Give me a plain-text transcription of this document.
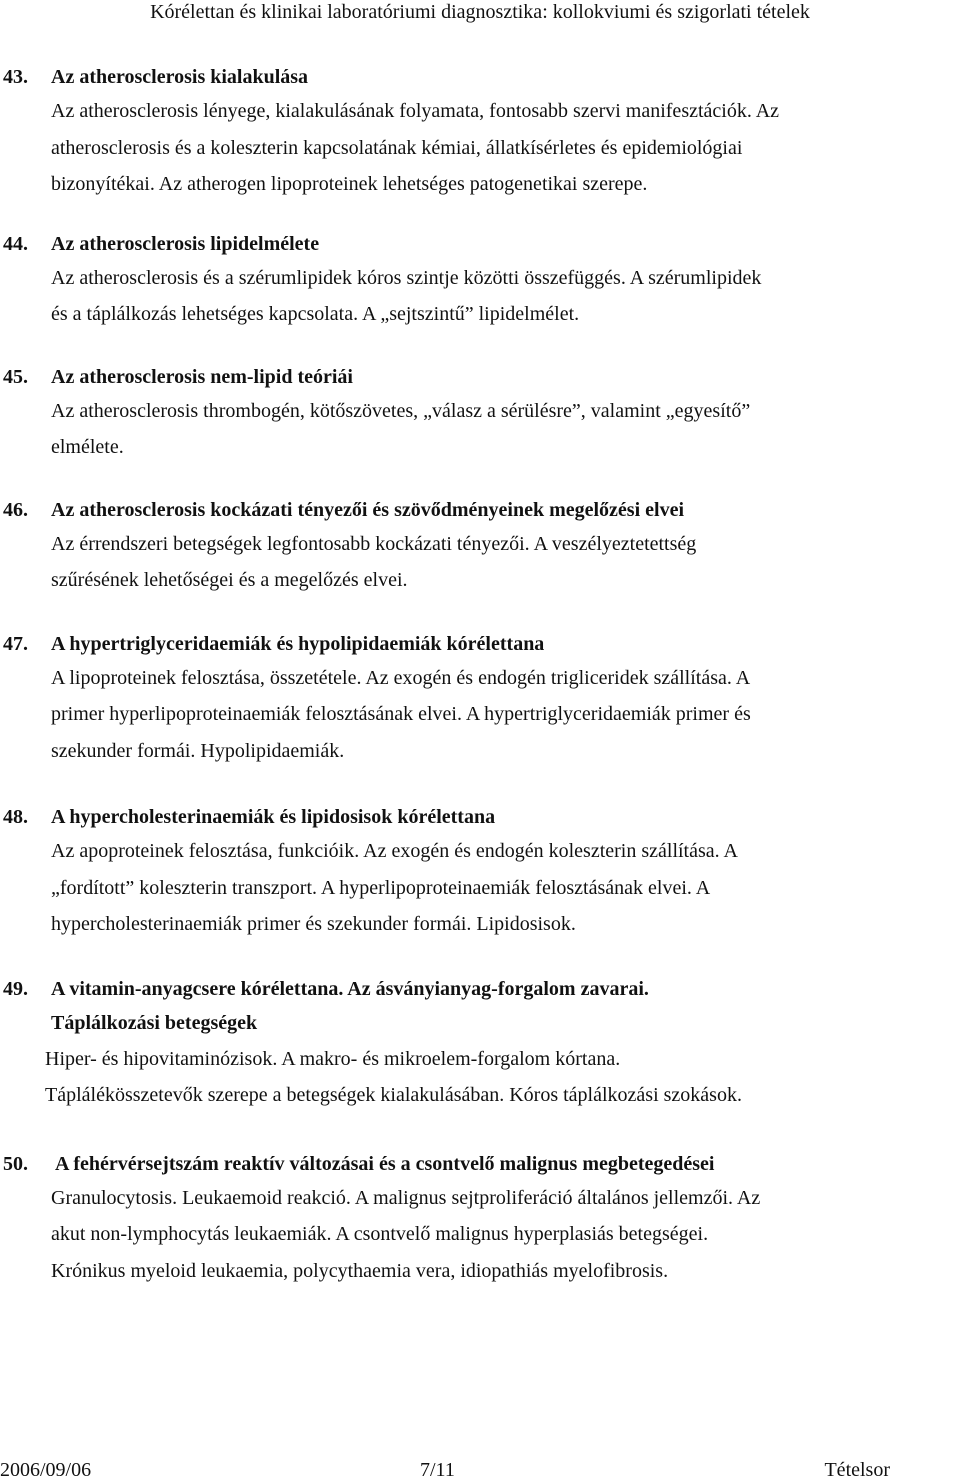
Kórélettan és klinikai laboratóriumi diagnosztika: kollokviumi és szigorlati tételek
43. Az atherosclerosis kialakulása
Az atherosclerosis lényege, kialakulásának folyamata, fontosabb szervi manifesztációk. Az
atherosclerosis és a koleszterin kapcsolatának kémiai, állatkísérletes és epidemiológiai
bizonyítékai. Az atherogen lipoproteinek lehetséges patogenetikai szerepe.
44. Az atherosclerosis lipidelmélete
Az atherosclerosis és a szérumlipidek kóros szintje közötti összefüggés. A szérumlipidek
és a táplálkozás lehetséges kapcsolata. A „sejtszintű” lipidelmélet.
45. Az atherosclerosis nem-lipid teóriái
Az atherosclerosis thrombogén, kötőszövetes, „válasz a sérülésre”, valamint „egyesítő”
elmélete.
46. Az atherosclerosis kockázati tényezői és szövődményeinek megelőzési elvei
Az érrendszeri betegségek legfontosabb kockázati tényezői. A veszélyeztetettség
szűrésének lehetőségei és a megelőzés elvei.
47. A hypertriglyceridaemiák és hypolipidaemiák kórélettana
A lipoproteinek felosztása, összetétele. Az exogén és endogén trigliceridek szállítása. A
primer hyperlipoproteinaemiák felosztásának elvei. A hypertriglyceridaemiák primer és
szekunder formái. Hypolipidaemiák.
48. A hypercholesterinaemiák és lipidosisok kórélettana
Az apoproteinek felosztása, funkcióik. Az exogén és endogén koleszterin szállítása. A
„fordított” koleszterin transzport. A hyperlipoproteinaemiák felosztásának elvei. A
hypercholesterinaemiák primer és szekunder formái. Lipidosisok.
49. A vitamin-anyagcsere kórélettana. Az ásványianyag-forgalom zavarai.
Táplálkozási betegségek
Hiper- és hipovitaminózisok. A makro- és mikroelem-forgalom kórtana.
Táplálékösszetevők szerepe a betegségek kialakulásában. Kóros táplálkozási szokások.
50. A fehérvérsejtszám reaktív változásai és a csontvelő malignus megbetegedései
Granulocytosis. Leukaemoid reakció. A malignus sejtproliferáció általános jellemzői. Az
akut non-lymphocytás leukaemiák. A csontvelő malignus hyperplasiás betegségei.
Krónikus myeloid leukaemia, polycythaemia vera, idiopathiás myelofibrosis.
2006/09/06	7/11	Tételsor
